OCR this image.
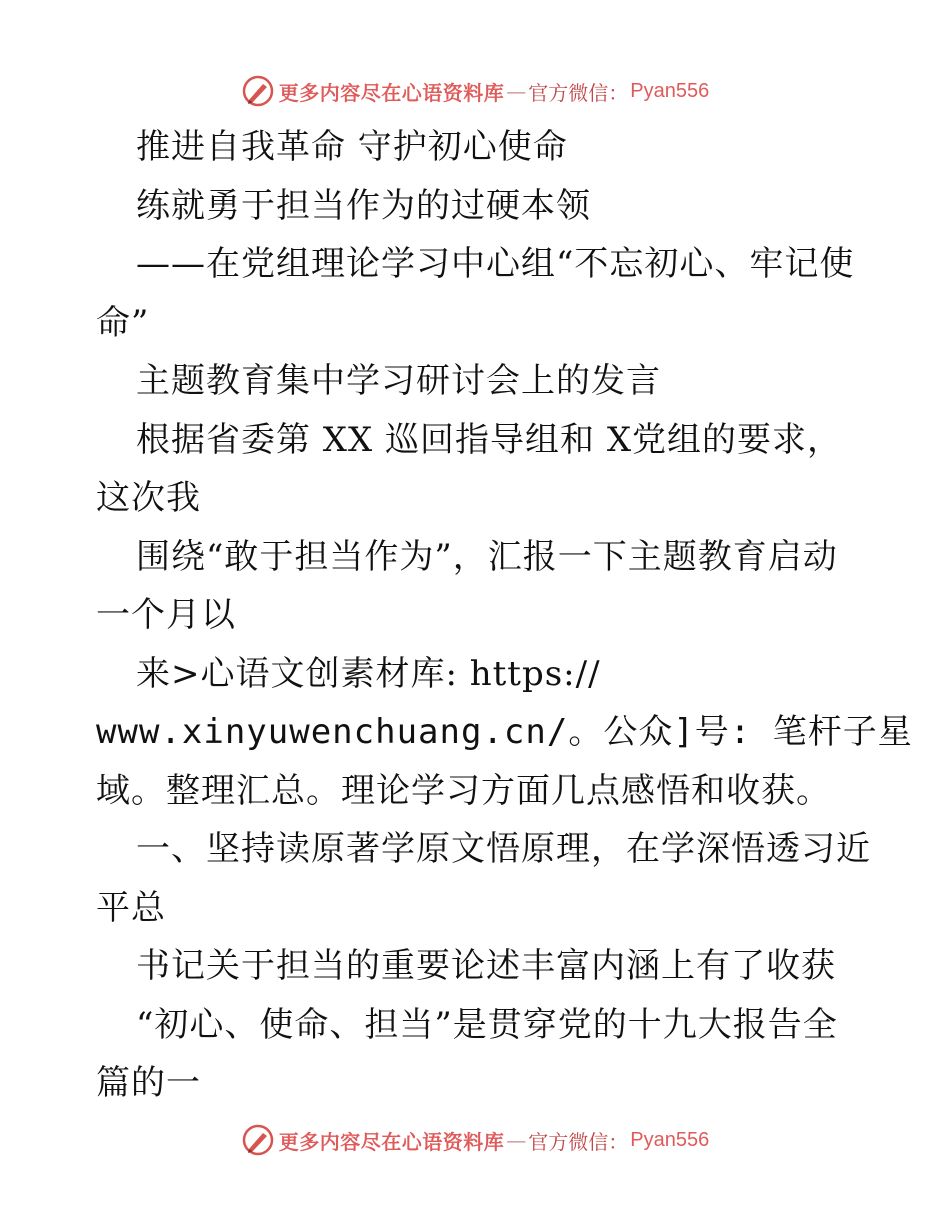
更多内容尽在心语资料库 — 官方微信： Pyan556
推进自我革命 守护初心使命
练就勇于担当作为的过硬本领
——在党组理论学习中心组“不忘初心、牢记使
命”
主题教育集中学习研讨会上的发言
根据省委第 XX 巡回指导组和 X党组的要求，
这次我
围绕“敢于担当作为”，汇报一下主题教育启动
一个月以
来>心语文创素材库: https://
www.xinyuwenchuang.cn/。公众]号: 笔杆子星
域。整理汇总。理论学习方面几点感悟和收获。
一、坚持读原著学原文悟原理，在学深悟透习近
平总
书记关于担当的重要论述丰富内涵上有了收获
“初心、使命、担当”是贯穿党的十九大报告全
篇的一
更多内容尽在心语资料库 — 官方微信： Pyan556
